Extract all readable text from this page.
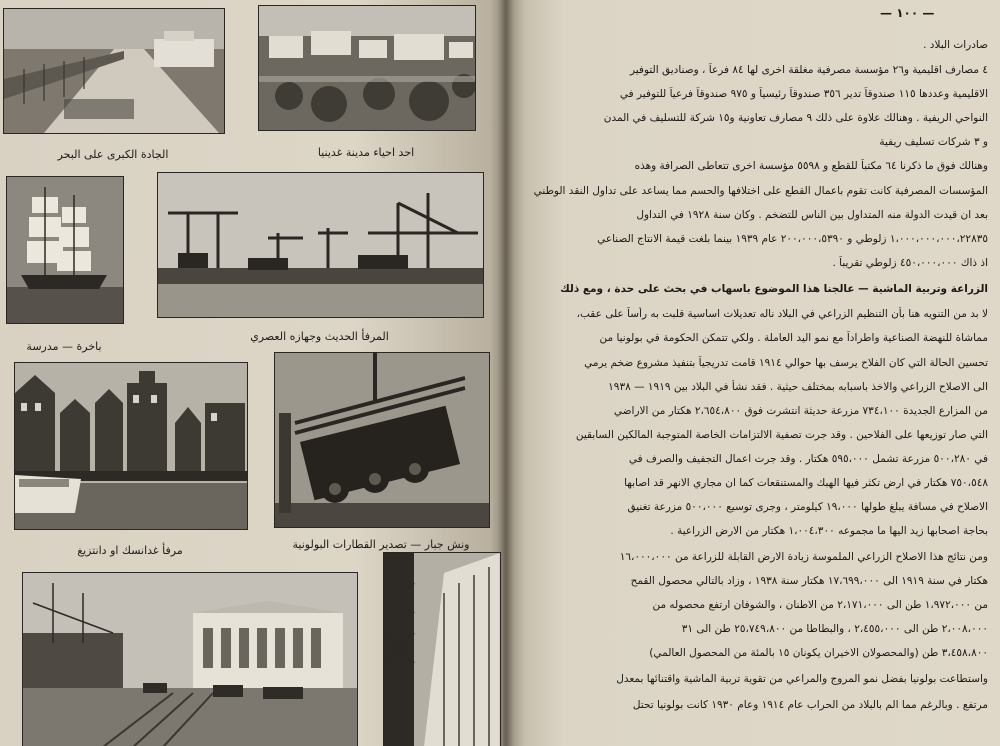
الجادة الكبرى على البحر	احد احياء مدينة غدينيا
باخرة — مدرسة
المرفأ الحديث وجهازه العصري
مرفأ غدانسك او دانتزيغ	ونش جبار — تصدير القطارات البولونية
صادرات البلاد .
٤ مصارف اقليمية و٢٦ مؤسسة مصرفية مغلقة اخرى لها ٨٤ فرعاً ، وصناديق التوفير
الاقليمية وعددها ١١٥ صندوقاً تدير ٣٥٦ صندوقاً رئيسياً و ٩٧٥ صندوقاً فرعياً للتوفير في
النواحي الريفية . وهنالك علاوة على ذلك ٩ مصارف تعاونية و١٥ شركة للتسليف في المدن
و ٣ شركات تسليف ريفية
وهنالك فوق ما ذكرنا ٦٤ مكتباً للقطع و ٥٥٩٨ مؤسسة اخرى تتعاطى الصرافة وهذه
المؤسسات المصرفية كانت تقوم باعمال القطع على اختلافها والحسم مما يساعد على تداول النقد الوطني
بعد ان قيدت الدولة منه المتداول بين الناس للتضخم . وكان سنة ١٩٢٨ في التداول
١،٠٠٠،٠٠٠،٠٠٠،٢٢٨٣٥ زلوطي و ٢٠٠،٠٠٠،٥٣٩٠ عام ١٩٣٩ بينما بلغت قيمة الانتاج الصناعي
اذ ذاك ٤٥٠،٠٠٠،٠٠٠ زلوطي تقريباً .
الزراعة وتربية الماشية — عالجنا هذا الموضوع باسهاب في بحث على حدة ، ومع ذلك
لا بد من التنويه هنا بأن التنظيم الزراعي في البلاد ناله تعديلات اساسية قلبت به رأساً على عقب،
مماشاة للنهضة الصناعية واطراداً مع نمو اليد العاملة . ولكي تتمكن الحكومة في بولونيا من
تحسين الحالة التي كان الفلاح يرسف بها حوالي ١٩١٤ قامت تدريجياً بتنفيذ مشروع ضخم يرمي
الى الاصلاح الزراعي والاخذ باسبابه بمختلف حيثية . فقد نشأ في البلاد بين ١٩١٩ — ١٩٣٨
من المزارع الجديدة ٧٣٤،١٠٠ مزرعة حديثة انتشرت فوق ٢،٦٥٤،٨٠٠ هكتار من الاراضي
التي صار توزيعها على الفلاحين . وقد جرت تصفية الالتزامات الخاصة المتوجبة المالكين السابقين
في ٥٠٠،٢٨٠ مزرعة تشمل ٥٩٥،٠٠٠ هكتار . وقد جرت اعمال التجفيف والصرف في
٧٥٠،٥٤٨ هكتار في ارض تكثر فيها الهبك والمستنقعات كما ان مجاري الانهر قد اصابها
الاصلاح في مسافة يبلغ طولها ١٩،٠٠٠ كيلومتر ، وجرى توسيع ٥٠٠،٠٠٠ مزرعة تغنيق
بحاجة اصحابها زيد اليها ما مجموعه ١،٠٠٤،٣٠٠ هكتار من الارض الزراعية .
ومن نتائج هذا الاصلاح الزراعي الملموسة زيادة الارض القابلة للزراعة من ١٦،٠٠٠،٠٠٠
هكتار في سنة ١٩١٩ الى ١٧،٦٩٩،٠٠٠ هكتار سنة ١٩٣٨ ، وزاد بالتالي محصول القمح
من ١،٩٧٢،٠٠٠ طن الى ٢،١٧١،٠٠٠ من الاطنان ، والشوفان ارتفع محصوله من
٢،٠٠٨،٠٠٠ طن الى ٢،٤٥٥،٠٠٠ ، والبطاطا من ٢٥،٧٤٩،٨٠٠ طن الى ٣١
٣،٤٥٨،٨٠٠ طن (والمحصولان الاخيران يكونان ١٥ بالمئة من المحصول العالمي)
واستطاعت بولونيا بفضل نمو المروج والمراعي من تقوية تربية الماشية واقتنائها بمعدل
مرتفع . وبالرغم مما الم بالبلاد من الحراب عام ١٩١٤ وعام ١٩٣٠ كانت بولونيا تحتل
— ١٠٠ —
